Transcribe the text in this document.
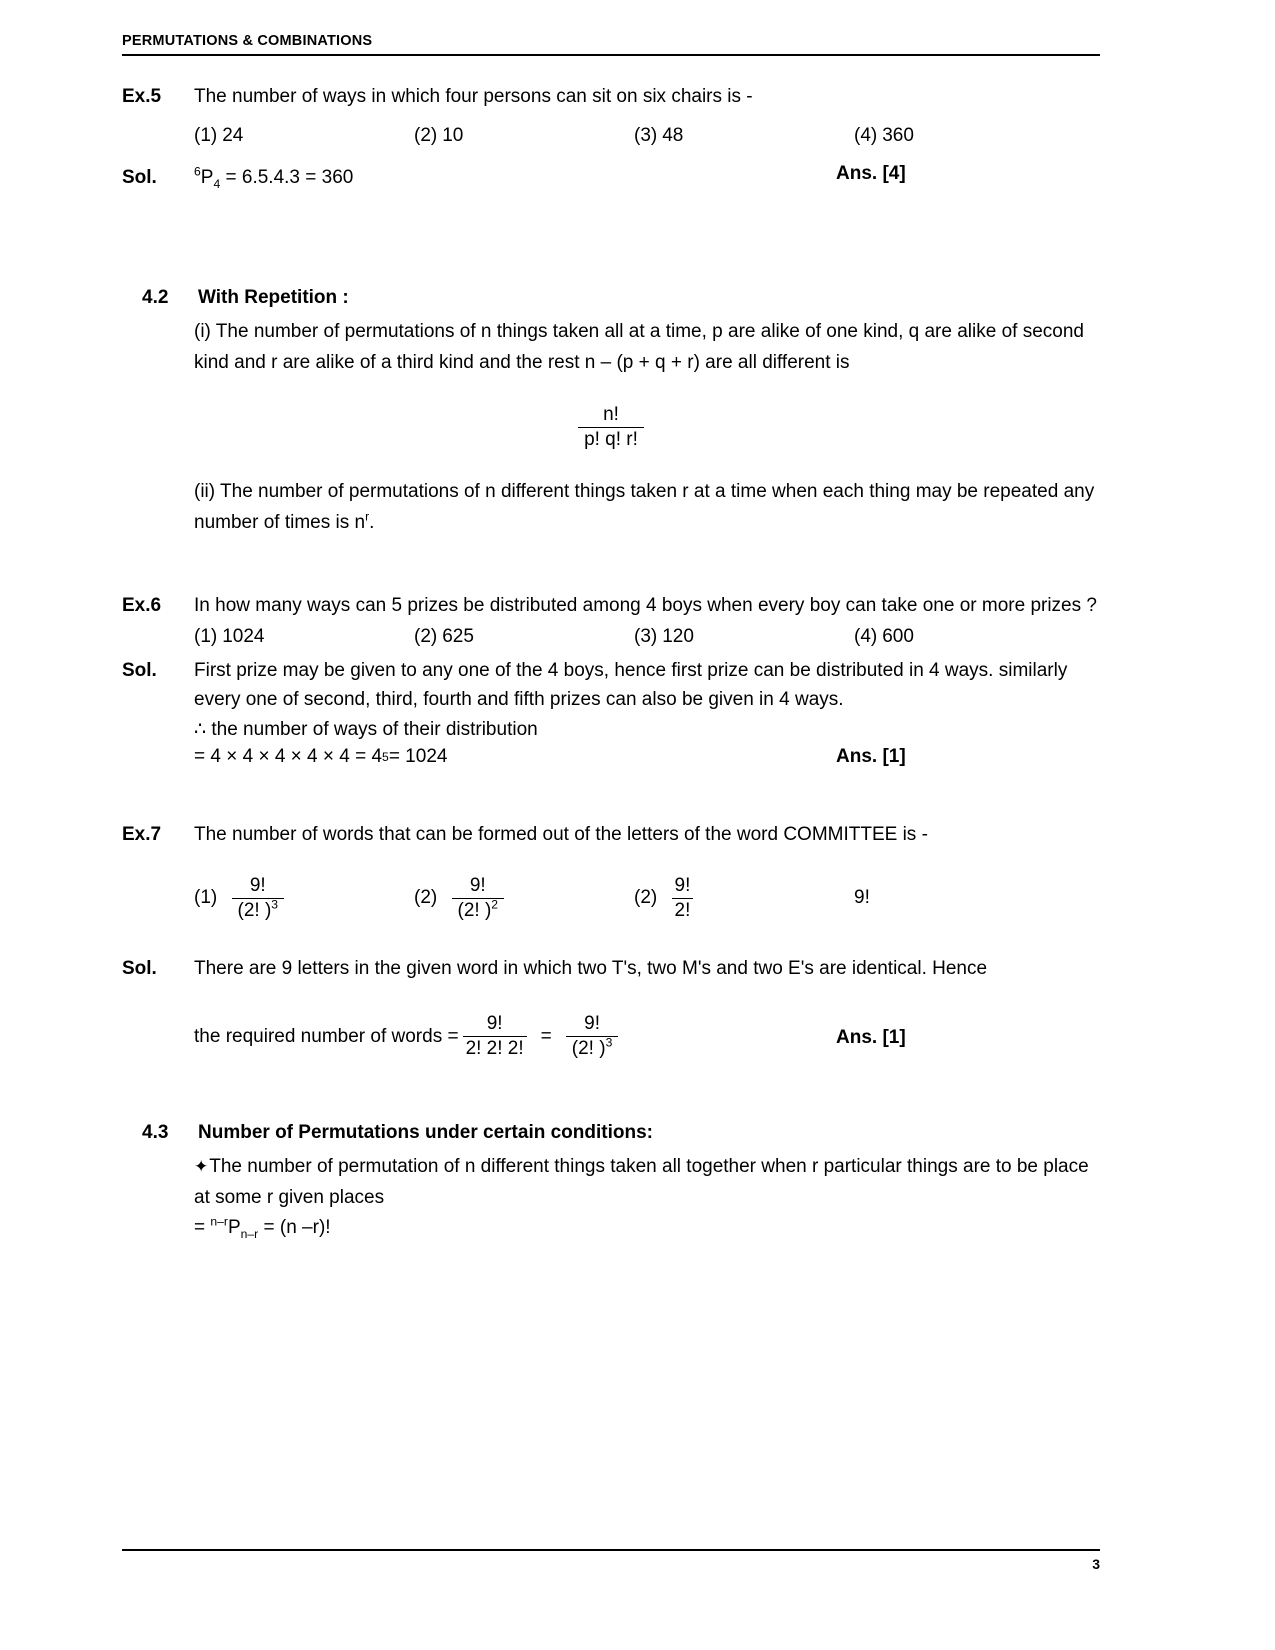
PERMUTATIONS & COMBINATIONS
Ex.5	The number of ways in which four persons can sit on six chairs is -
(1) 24	(2) 10	(3) 48	(4) 360
Sol.	$^6P_4 = 6.5.4.3 = 360$	Ans. [4]
4.2	With Repetition :
(i) The number of permutations of n things taken all at a time, p are alike of one kind, q are alike of second kind and r are alike of a third kind and the rest n – (p + q + r) are all different is
$\frac{n!}{p! q! r!}$
(ii) The number of permutations of n different things taken r at a time when each thing may be repeated any number of times is $n^r$.
Ex.6	In how many ways can 5 prizes be distributed among 4 boys when every boy can take one or more prizes ?
(1) 1024	(2) 625	(3) 120	(4) 600
Sol.	First prize may be given to any one of the 4 boys, hence first prize can be distributed in 4 ways. similarly every one of second, third, fourth and fifth prizes can also be given in 4 ways.
∴ the number of ways of their distribution
= 4 × 4 × 4 × 4 × 4 = 4 5 = 1024	Ans. [1]
Ex.7	The number of words that can be formed out of the letters of the word COMMITTEE is -
$(1) \frac{9!}{(2! )^3}$	$(2) \frac{9!}{(2! )^2}$	$(2) \frac{9!}{2!}$	9!
Sol.	There are 9 letters in the given word in which two T's, two M's and two E's are identical. Hence
the required number of words = $\frac{9!}{2! 2! 2!} = \frac{9!}{(2! )^3}$	Ans. [1]
4.3	Number of Permutations under certain conditions:
✦The number of permutation of n different things taken all together when r particular things are to be place at some r given places
= $^{n-r}P_{n-r} = (n$ –r)!
3
